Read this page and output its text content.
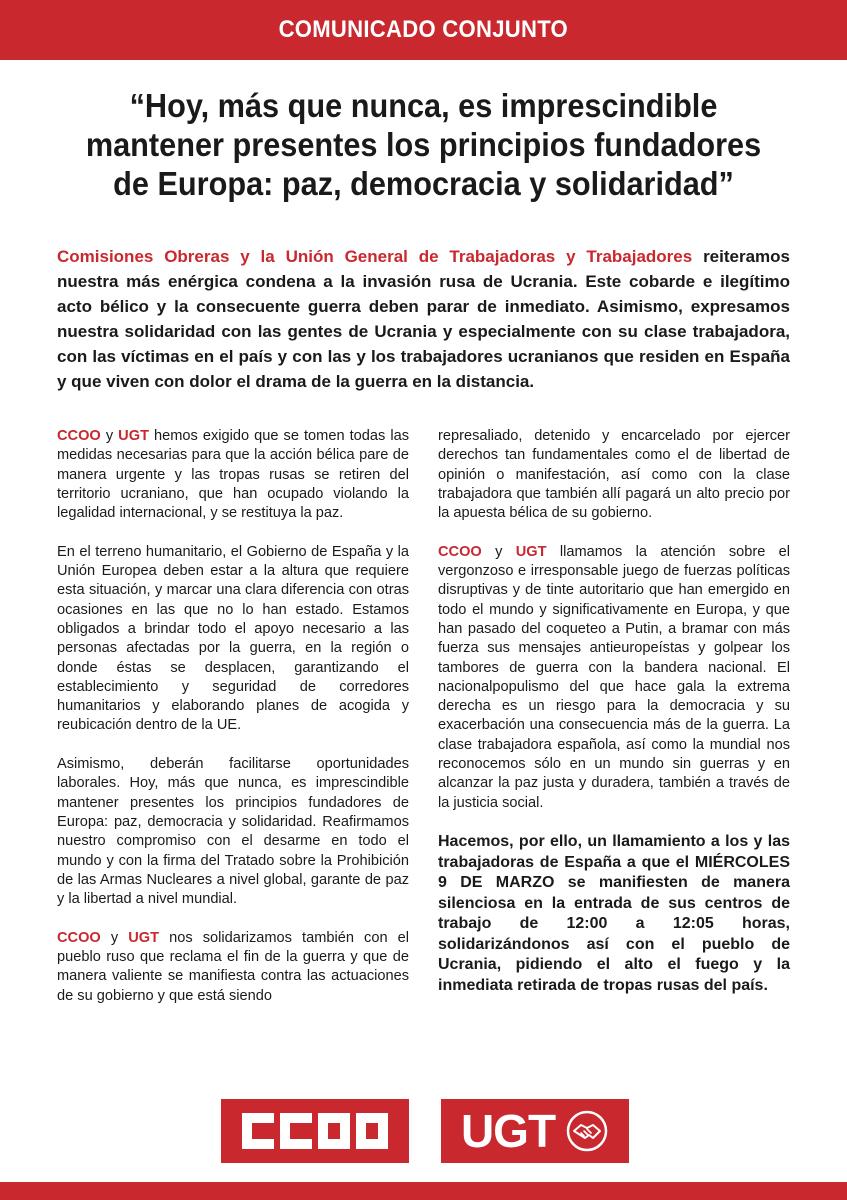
COMUNICADO CONJUNTO
“Hoy, más que nunca, es imprescindible mantener presentes los principios fundadores de Europa: paz, democracia y solidaridad”
Comisiones Obreras y la Unión General de Trabajadoras y Trabajadores reiteramos nuestra más enérgica condena a la invasión rusa de Ucrania. Este cobarde e ilegítimo acto bélico y la consecuente guerra deben parar de inmediato. Asimismo, expresamos nuestra solidaridad con las gentes de Ucrania y especialmente con su clase trabajadora, con las víctimas en el país y con las y los trabajadores ucranianos que residen en España y que viven con dolor el drama de la guerra en la distancia.

CCOO y UGT hemos exigido que se tomen todas las medidas necesarias para que la acción bélica pare de manera urgente y las tropas rusas se retiren del territorio ucraniano, que han ocupado violando la legalidad internacional, y se restituya la paz.

En el terreno humanitario, el Gobierno de España y la Unión Europea deben estar a la altura que requiere esta situación, y marcar una clara diferencia con otras ocasiones en las que no lo han estado. Estamos obligados a brindar todo el apoyo necesario a las personas afectadas por la guerra, en la región o donde éstas se desplacen, garantizando el establecimiento y seguridad de corredores humanitarios y elaborando planes de acogida y reubicación dentro de la UE.

Asimismo, deberán facilitarse oportunidades laborales. Hoy, más que nunca, es imprescindible mantener presentes los principios fundadores de Europa: paz, democracia y solidaridad. Reafirmamos nuestro compromiso con el desarme en todo el mundo y con la firma del Tratado sobre la Prohibición de las Armas Nucleares a nivel global, garante de paz y la libertad a nivel mundial.

CCOO y UGT nos solidarizamos también con el pueblo ruso que reclama el fin de la guerra y que de manera valiente se manifiesta contra las actuaciones de su gobierno y que está siendo

represaliado, detenido y encarcelado por ejercer derechos tan fundamentales como el de libertad de opinión o manifestación, así como con la clase trabajadora que también allí pagará un alto precio por la apuesta bélica de su gobierno.

CCOO y UGT llamamos la atención sobre el vergonzoso e irresponsable juego de fuerzas políticas disruptivas y de tinte autoritario que han emergido en todo el mundo y significativamente en Europa, y que han pasado del coqueteo a Putin, a bramar con más fuerza sus mensajes antieuropeístas y golpear los tambores de guerra con la bandera nacional. El nacionalpopulismo del que hace gala la extrema derecha es un riesgo para la democracia y su exacerbación una consecuencia más de la guerra. La clase trabajadora española, así como la mundial nos reconocemos sólo en un mundo sin guerras y en alcanzar la paz justa y duradera, también a través de la justicia social.

Hacemos, por ello, un llamamiento a los y las trabajadoras de España a que el MIÉRCOLES 9 DE MARZO se manifiesten de manera silenciosa en la entrada de sus centros de trabajo de 12:00 a 12:05 horas, solidarizándonos así con el pueblo de Ucrania, pidiendo el alto el fuego y la inmediata retirada de tropas rusas del país.

UGT
